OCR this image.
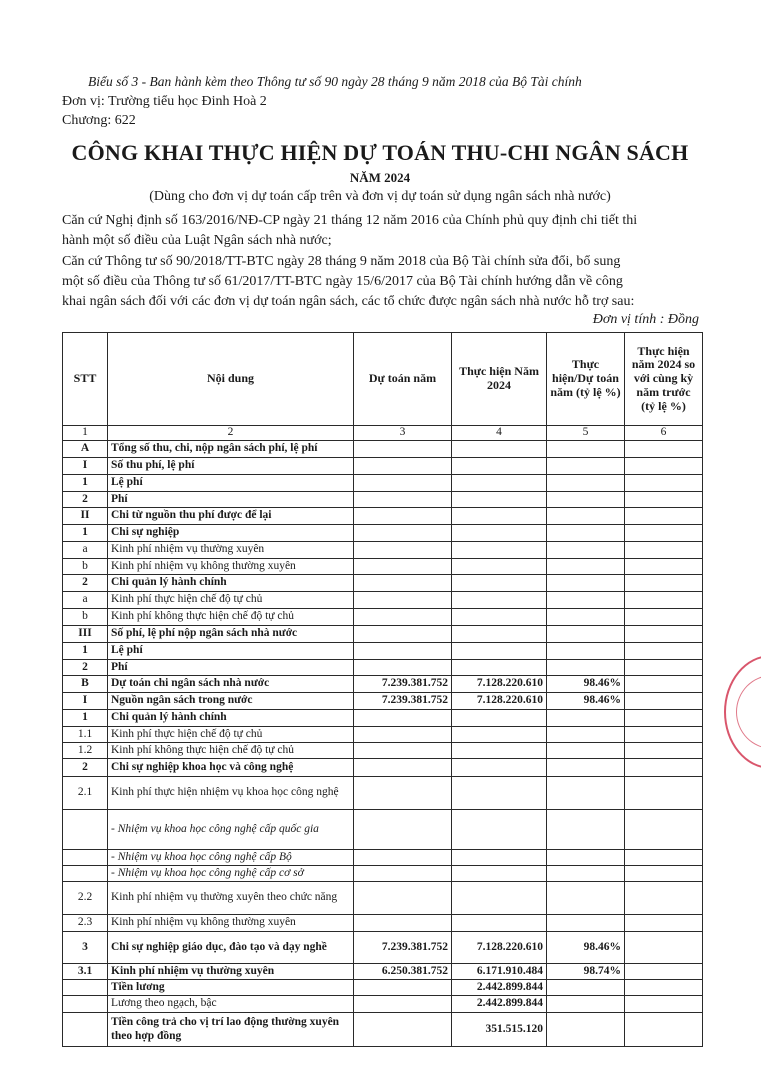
Biểu số 3 - Ban hành kèm theo Thông tư số 90 ngày 28 tháng 9 năm 2018 của Bộ Tài chính
Đơn vị: Trường tiểu học Đinh Hoà 2
Chương: 622
CÔNG KHAI THỰC HIỆN DỰ TOÁN THU-CHI NGÂN SÁCH
NĂM 2024
(Dùng cho đơn vị dự toán cấp trên và đơn vị dự toán sử dụng ngân sách nhà nước)
Căn cứ Nghị định số 163/2016/NĐ-CP ngày 21 tháng 12 năm 2016 của Chính phủ quy định chi tiết thi
hành một số điều của Luật Ngân sách nhà nước;
Căn cứ Thông tư số 90/2018/TT-BTC ngày 28 tháng 9 năm 2018 của Bộ Tài chính sửa đổi, bổ sung
một số điều của Thông tư số 61/2017/TT-BTC ngày 15/6/2017 của Bộ Tài chính hướng dẫn về công
khai ngân sách đối với các đơn vị dự toán ngân sách, các tổ chức được ngân sách nhà nước hỗ trợ sau:
Đơn vị tính : Đồng
STT	Nội dung	Dự toán năm	Thực hiện Năm 2024	Thực hiện/Dự toán năm (tỷ lệ %)	Thực hiện năm 2024 so với cùng kỳ năm trước (tỷ lệ %)
1	2	3	4	5	6
A	Tổng số thu, chi, nộp ngân sách phí, lệ phí				
I	Số thu phí, lệ phí				
1	Lệ phí				
2	Phí				
II	Chi từ nguồn thu phí được để lại				
1	Chi sự nghiệp				
a	Kinh phí nhiệm vụ thường xuyên				
b	Kinh phí nhiệm vụ không thường xuyên				
2	Chi quản lý hành chính				
a	Kinh phí thực hiện chế độ tự chủ				
b	Kinh phí không thực hiện chế độ tự chủ				
III	Số phí, lệ phí nộp ngân sách nhà nước				
1	Lệ phí				
2	Phí				
B	Dự toán chi ngân sách nhà nước	7.239.381.752	7.128.220.610	98.46%	
I	Nguồn ngân sách trong nước	7.239.381.752	7.128.220.610	98.46%	
1	Chi quản lý hành chính				
1.1	Kinh phí thực hiện chế độ tự chủ				
1.2	Kinh phí không thực hiện chế độ tự chủ				
2	Chi sự nghiệp khoa học và công nghệ				
2.1	Kinh phí thực hiện nhiệm vụ khoa học công nghệ				
	- Nhiệm vụ khoa học công nghệ cấp quốc gia				
	- Nhiệm vụ khoa học công nghệ cấp Bộ				
	- Nhiệm vụ khoa học công nghệ cấp cơ sở				
2.2	Kinh phí nhiệm vụ thường xuyên theo chức năng				
2.3	Kinh phí nhiệm vụ không thường xuyên				
3	Chi sự nghiệp giáo dục, đào tạo và dạy nghề	7.239.381.752	7.128.220.610	98.46%	
3.1	Kinh phí nhiệm vụ thường xuyên	6.250.381.752	6.171.910.484	98.74%	
	Tiền lương		2.442.899.844		
	Lương theo ngạch, bậc		2.442.899.844		
	Tiền công trả cho vị trí lao động thường xuyên theo hợp đồng		351.515.120		
